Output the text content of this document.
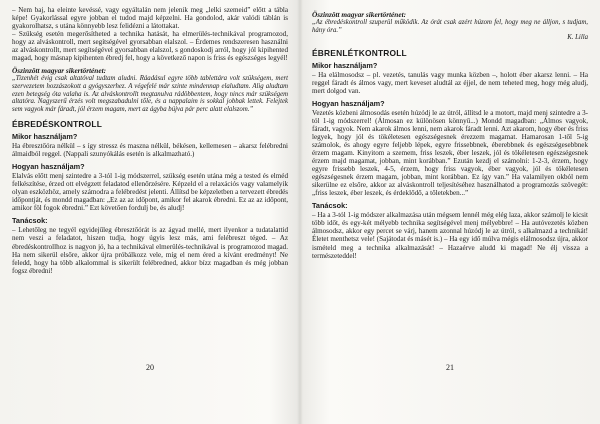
– Nem baj, ha eleinte kevéssé, vagy egyáltalán nem jelenik meg „lelki szemeid” előtt a tábla képe! Gyakorlással egyre jobban el tudod majd képzelni. Ha gondolod, akár valódi táblán is gyakorolhatsz, s utána könnyebb lesz felidézni a látottakat.

– Szükség esetén megerősítheted a technika hatását, ha elmerülés-technikával programozod, hogy az alváskontroll, mert segítségével gyorsabban elalszol. – Érdemes rendszeresen használni az alváskontrollt, mert segítségével gyorsabban elalszol, s gondoskodj arról, hogy jól kipihented magad, hogy másnap kipihenten ébredj fel, hogy a következő napon is friss és egészséges legyél!

Öszinzött magyar sikertörténet:

„Tizenhét évig csak altatóval tudtam aludni. Ráadásul egyre több tablettára volt szükségem, mert szervezetem hozzászokott a gyógyszerhez. A végefelé már szinte mindennap elaludtam. Alig aludtam ezen betegség óta valaha is. Az alváskontrollt megtanulva rádöbbentem, hogy nincs már szükségem altatóra. Nagyszerű érzés volt megszabadulni tőle, és a nappalaim is sokkal jobbak lettek. Felejtek sem vagyok már fáradt, jól érzem magam, mert az ágyba bújva pár perc alatt elalszom.”

ÉBREDÉSKONTROLL

Mikor használjam?

Ha ébresztőóra nélkül – s így stressz és maszna nélkül, békésen, kellemesen – akarsz felébredni álmaidból reggel. (Nappali szunyókálás esetén is alkalmazható.)

Hogyan használjam?

Elalvás előtt menj szintedre a 3-tól 1-ig módszerrel, szükség esetén utána még a tested és elméd felkészítése, érzed ott elvégzett feladatod ellenőrzésére. Képzeld el a relaxációs vagy valamelyik olyan eszközhöz, amely számodra a felébredést jelenti. Állítsd be képzeletben a tervezett ébredés időpontját, és mondd magadban: „Ez az az időpont, amikor fel akarok ébredni. Ez az az időpont, amikor föl fogok ébredni.” Ezt követően fordulj be, és aludj!

Tanácsok:

– Lehetőleg ne tegyél egyidejűleg ébresztőórát is az ágyad mellé, mert ilyenkor a tudatalattid nem veszi a feladatot, hiszen tudja, hogy úgyis lesz más, ami felébreszt téged. – Az ébredéskontrollhoz is nagyon jó, ha a technikával elmerülés-technikával is programozod magad. Ha nem sikerül elsőre, akkor újra próbálkozz vele, míg el nem éred a kívánt eredményt! Ne feledd, hogy ha több alkalommal is sikerült felébredned, akkor bízz magadban és még jobban fogsz ébredni!

20

Öszinzött magyar sikertörténet:

„Az ébredéskontroll szuperül működik. Az órát csak azért húzom fel, hogy meg ne álljon, s tudjam, hány óra.”

K. Lilla

ÉBRENLÉTKONTROLL

Mikor használjam?

– Ha elálmosodsz – pl. vezetés, tanulás vagy munka közben –, holott éber akarsz lenni. – Ha reggel fáradt és álmos vagy, mert keveset aludtál az éjjel, de nem teheted meg, hogy még aludj, mert dolgod van.

Hogyan használjam?

Vezetés közbeni álmosodás esetén húzódj le az útról, állítsd le a motort, majd menj szintedre a 3-tól 1-ig módszerrel! (Álmosan ez különösen könnyű...) Mondd magadban: „Álmos vagyok, fáradt, vagyok. Nem akarok álmos lenni, nem akarok fáradt lenni. Azt akarom, hogy éber és friss legyek, hogy jól és tökéletesen egészségesnek érezzem magamat. Hamarosan 1-től 5-ig számolok, és ahogy egyre feljebb lépek, egyre frissebbnek, éberebbnek és egészségesebbnek érzem magam. Kinyitom a szemem, friss leszek, éber leszek, jól és tökéletesen egészségesnek érzem majd magamat, jobban, mint korábban.” Ezután kezdj el számolni: 1-2-3, érzem, hogy egyre frissebb leszek, 4-5, érzem, hogy friss vagyok, éber vagyok, jól és tökéletesen egészségesnek érzem magam, jobban, mint korábban. Ez így van.” Ha valamilyen okból nem sikerülne ez elsőre, akkor az alváskontroll teljesítéséhez használhatod a programozás szövegét: „friss leszek, éber leszek, és érdeklődő, a tőletekben...”

Tanácsok:

– Ha a 3-tól 1-ig módszer alkalmazása után mégsem lennél még elég laza, akkor számolj le kicsit több időt, és egy-két mélyebb technika segítségével menj mélyebbre! – Ha autóvezetés közben álmosodsz, akkor egy percet se várj, hanem azonnal húzódj le az útról, s alkalmazd a technikát! Életet menthetsz vele! (Sajátodat és másét is.) – Ha egy idő múlva mégis elálmosodsz újra, akkor ismételd meg a technika alkalmazását! – Hazaérve aludd ki magad! Ne élj vissza a természeteddel!

21
